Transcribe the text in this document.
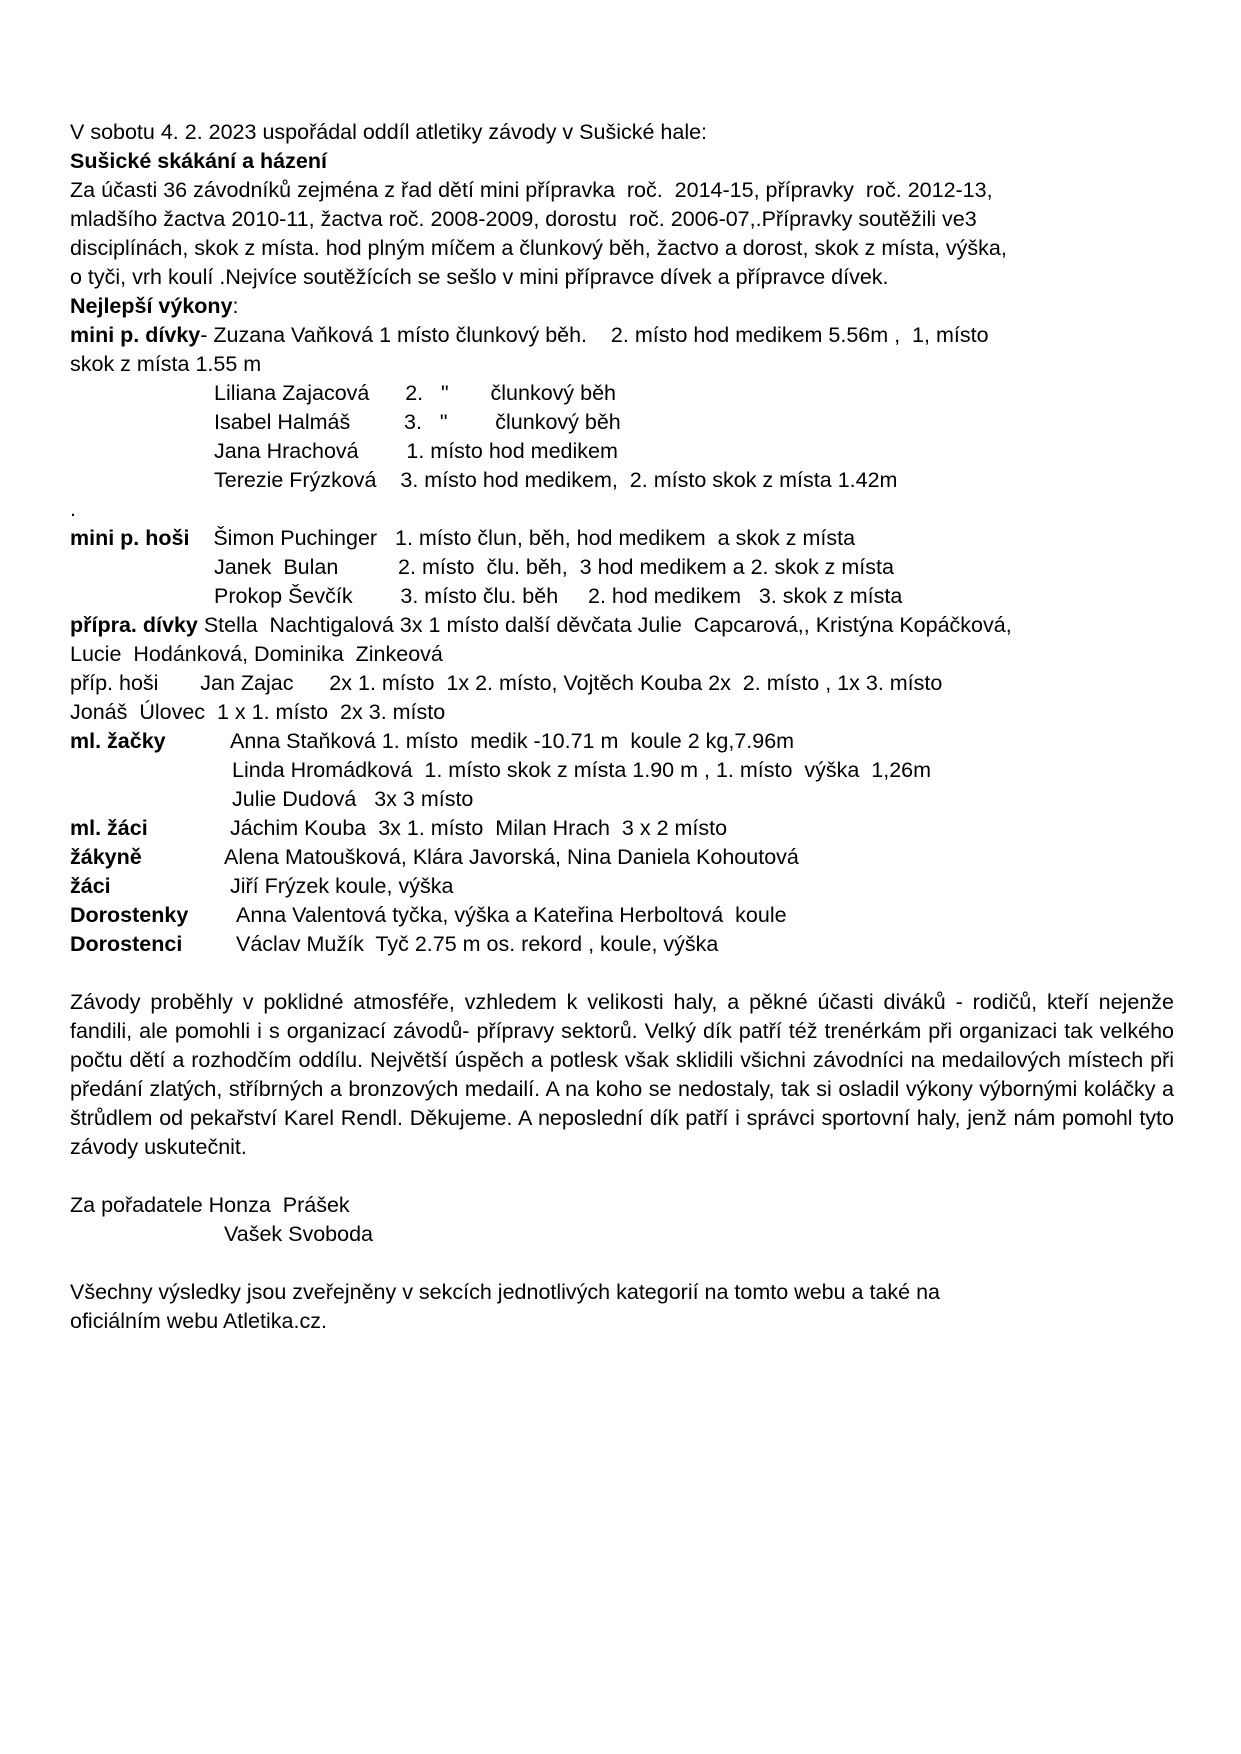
V sobotu 4. 2. 2023 uspořádal oddíl atletiky závody v Sušické hale:
Sušické skákání a házení
Za účasti 36 závodníků zejména z řad dětí mini přípravka  roč.  2014-15, přípravky  roč. 2012-13,
mladšího žactva 2010-11, žactva roč. 2008-2009, dorostu  roč. 2006-07,.Přípravky soutěžili ve3
disciplínách, skok z místa. hod plným míčem a člunkový běh, žactvo a dorost, skok z místa, výška,
o tyči, vrh koulí .Nejvíce soutěžících se sešlo v mini přípravce dívek a přípravce dívek.
Nejlepší výkony:
mini p. dívky- Zuzana Vaňková 1 místo člunkový běh.    2. místo hod medikem 5.56m ,  1, místo
skok z místa 1.55 m
Liliana Zajacová      2.   "       člunkový běh
Isabel Halmáš         3.   "        člunkový běh
Jana Hrachová        1. místo hod medikem
Terezie Frýzková    3. místo hod medikem,  2. místo skok z místa 1.42m
.
mini p. hoši    Šimon Puchinger   1. místo člun, běh, hod medikem  a skok z místa
Janek  Bulan          2. místo  člu. běh,  3 hod medikem a 2. skok z místa
Prokop Ševčík        3. místo člu. běh     2. hod medikem   3. skok z místa
přípra. dívky Stella  Nachtigalová 3x 1 místo další děvčata Julie  Capcarová,, Kristýna Kopáčková,
Lucie  Hodánková, Dominika  Zinkeová
příp. hoši       Jan Zajac      2x 1. místo  1x 2. místo, Vojtěch Kouba 2x  2. místo , 1x 3. místo
Jonáš  Úlovec  1 x 1. místo  2x 3. místo
ml. žačky	Anna Staňková 1. místo  medik -10.71 m  koule 2 kg,7.96m
Linda Hromádková  1. místo skok z místa 1.90 m , 1. místo  výška  1,26m
Julie Dudová   3x 3 místo
ml. žáci	Jáchim Kouba  3x 1. místo  Milan Hrach  3 x 2 místo
žákyně	Alena Matoušková, Klára Javorská, Nina Daniela Kohoutová
žáci	Jiří Frýzek koule, výška
Dorostenky Anna Valentová tyčka, výška a Kateřina Herboltová  koule
Dorostenci Václav Mužík  Tyč 2.75 m os. rekord , koule, výška
Závody proběhly v poklidné atmosféře, vzhledem k velikosti haly, a pěkné účasti diváků - rodičů, kteří nejenže fandili, ale pomohli i s organizací závodů- přípravy sektorů. Velký dík patří též trenérkám při organizaci tak velkého počtu dětí a rozhodčím oddílu. Největší úspěch a potlesk však sklidili všichni závodníci na medailových místech při předání zlatých, stříbrných a bronzových medailí. A na koho se nedostaly, tak si osladil výkony výbornými koláčky a štrůdlem od pekařství Karel Rendl. Děkujeme. A neposlední dík patří i správci sportovní haly, jenž nám pomohl tyto závody uskutečnit.
Za pořadatele Honza  Prášek
Vašek Svoboda
Všechny výsledky jsou zveřejněny v sekcích jednotlivých kategorií na tomto webu a také na
oficiálním webu Atletika.cz.
